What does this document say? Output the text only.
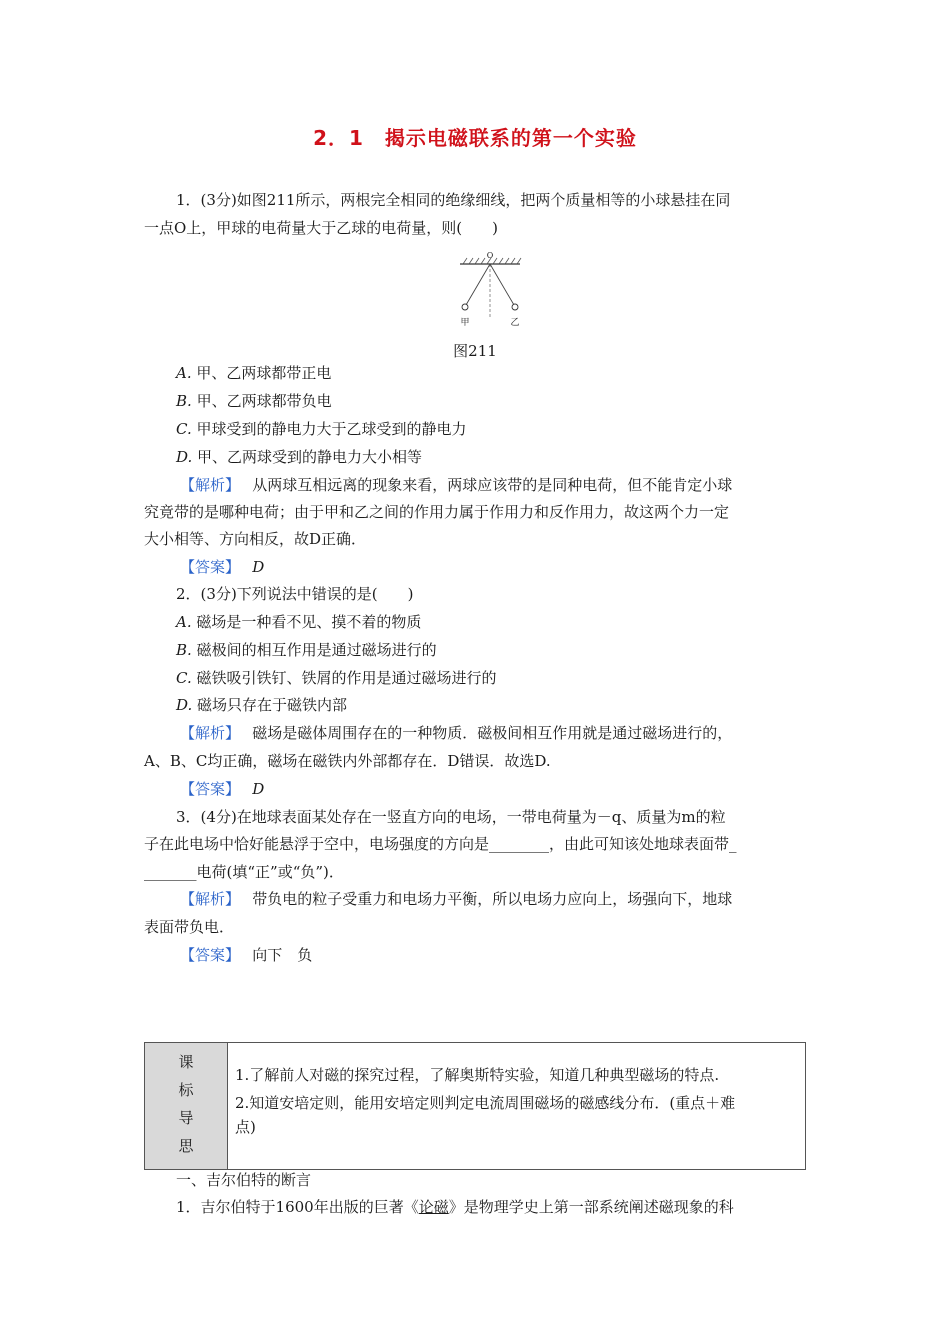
2．1　揭示电磁联系的第一个实验
1．(3分)如图211所示，两根完全相同的绝缘细线，把两个质量相等的小球悬挂在同
一点O上，甲球的电荷量大于乙球的电荷量，则(　　)
O
甲	乙
图211
A. 甲、乙两球都带正电
B. 甲、乙两球都带负电
C. 甲球受到的静电力大于乙球受到的静电力
D. 甲、乙两球受到的静电力大小相等
【解析】　 从两球互相远离的现象来看，两球应该带的是同种电荷，但不能肯定小球
究竟带的是哪种电荷；由于甲和乙之间的作用力属于作用力和反作用力，故这两个力一定
大小相等、方向相反，故D正确．
【答案】　 D
2．(3分)下列说法中错误的是(　　)
A. 磁场是一种看不见、摸不着的物质
B. 磁极间的相互作用是通过磁场进行的
C. 磁铁吸引铁钉、铁屑的作用是通过磁场进行的
D. 磁场只存在于磁铁内部
【解析】　 磁场是磁体周围存在的一种物质．磁极间相互作用就是通过磁场进行的，
A、B、C均正确，磁场在磁铁内外部都存在．D错误．故选D.
【答案】　 D
3．(4分)在地球表面某处存在一竖直方向的电场，一带电荷量为－q、质量为m的粒
子在此电场中恰好能悬浮于空中，电场强度的方向是________，由此可知该处地球表面带_
_______电荷(填“正”或“负”)．
【解析】　 带负电的粒子受重力和电场力平衡，所以电场力应向上，场强向下，地球
表面带负电．
【答案】　 向下　负
课
标
导
思
1.了解前人对磁的探究过程，了解奥斯特实验，知道几种典型磁场的特点.
2.知道安培定则，能用安培定则判定电流周围磁场的磁感线分布．(重点＋难
点)
一、吉尔伯特的断言
1．吉尔伯特于1600年出版的巨著《论磁》是物理学史上第一部系统阐述磁现象的科
